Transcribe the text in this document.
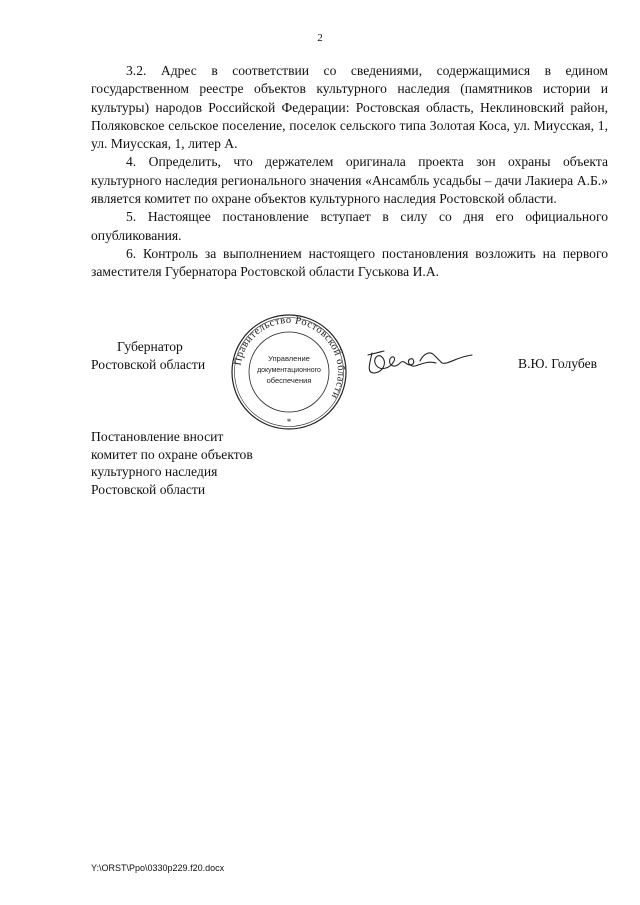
2

3.2. Адрес в соответствии со сведениями, содержащимися в едином государственном реестре объектов культурного наследия (памятников истории и культуры) народов Российской Федерации: Ростовская область, Неклиновский район, Поляковское сельское поселение, поселок сельского типа Золотая Коса, ул. Миусская, 1, ул. Миусская, 1, литер А.

4. Определить, что держателем оригинала проекта зон охраны объекта культурного наследия регионального значения «Ансамбль усадьбы – дачи Лакиера А.Б.» является комитет по охране объектов культурного наследия Ростовской области.

5. Настоящее постановление вступает в силу со дня его официального опубликования.

6. Контроль за выполнением настоящего постановления возложить на первого заместителя Губернатора Ростовской области Гуськова И.А.

Губернатор
Ростовской области	Правительство Ростовской области
Управление
документационного
обеспечения
*
В.Ю. Голубев
Постановление вносит
комитет по охране объектов
культурного наследия
Ростовской области
Y:\ORST\Ppo\0330p229.f20.docx
